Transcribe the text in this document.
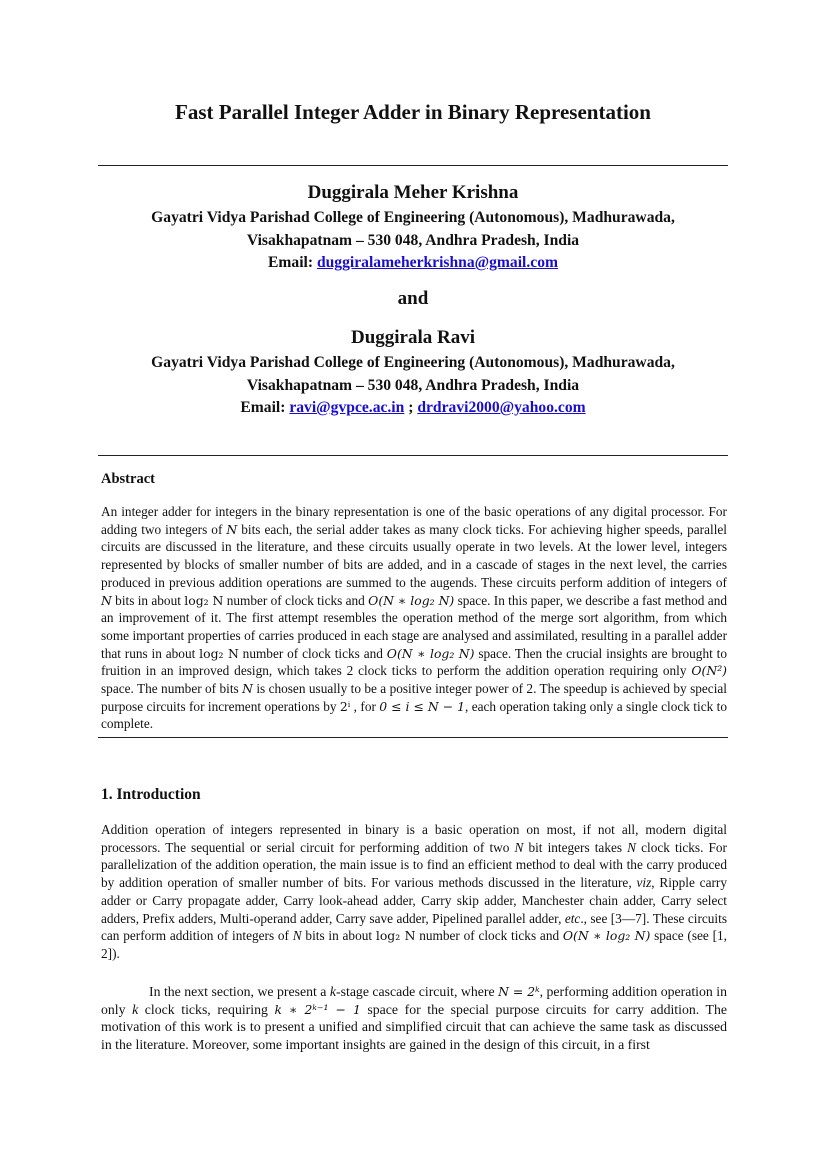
Fast Parallel Integer Adder in Binary Representation
Duggirala Meher Krishna
Gayatri Vidya Parishad College of Engineering (Autonomous), Madhurawada,
Visakhapatnam – 530 048, Andhra Pradesh, India
Email: duggiralameherkrishna@gmail.com
and
Duggirala Ravi
Gayatri Vidya Parishad College of Engineering (Autonomous), Madhurawada,
Visakhapatnam – 530 048, Andhra Pradesh, India
Email: ravi@gvpce.ac.in ; drdravi2000@yahoo.com
Abstract
An integer adder for integers in the binary representation is one of the basic operations of any digital processor. For adding two integers of N bits each, the serial adder takes as many clock ticks. For achieving higher speeds, parallel circuits are discussed in the literature, and these circuits usually operate in two levels. At the lower level, integers represented by blocks of smaller number of bits are added, and in a cascade of stages in the next level, the carries produced in previous addition operations are summed to the augends. These circuits perform addition of integers of N bits in about log₂ N number of clock ticks and O(N ∗ log₂ N) space. In this paper, we describe a fast method and an improvement of it. The first attempt resembles the operation method of the merge sort algorithm, from which some important properties of carries produced in each stage are analysed and assimilated, resulting in a parallel adder that runs in about log₂ N number of clock ticks and O(N ∗ log₂ N) space. Then the crucial insights are brought to fruition in an improved design, which takes 2 clock ticks to perform the addition operation requiring only O(N²) space. The number of bits N is chosen usually to be a positive integer power of 2. The speedup is achieved by special purpose circuits for increment operations by 2ⁱ , for 0 ≤ i ≤ N − 1, each operation taking only a single clock tick to complete.
1. Introduction
Addition operation of integers represented in binary is a basic operation on most, if not all, modern digital processors. The sequential or serial circuit for performing addition of two N bit integers takes N clock ticks. For parallelization of the addition operation, the main issue is to find an efficient method to deal with the carry produced by addition operation of smaller number of bits. For various methods discussed in the literature, viz, Ripple carry adder or Carry propagate adder, Carry look-ahead adder, Carry skip adder, Manchester chain adder, Carry select adders, Prefix adders, Multi-operand adder, Carry save adder, Pipelined parallel adder, etc., see [3—7]. These circuits can perform addition of integers of N bits in about log₂ N number of clock ticks and O(N ∗ log₂ N) space (see [1, 2]).
In the next section, we present a k-stage cascade circuit, where N = 2ᵏ, performing addition operation in only k clock ticks, requiring k ∗ 2ᵏ⁻¹ − 1 space for the special purpose circuits for carry addition. The motivation of this work is to present a unified and simplified circuit that can achieve the same task as discussed in the literature. Moreover, some important insights are gained in the design of this circuit, in a first
